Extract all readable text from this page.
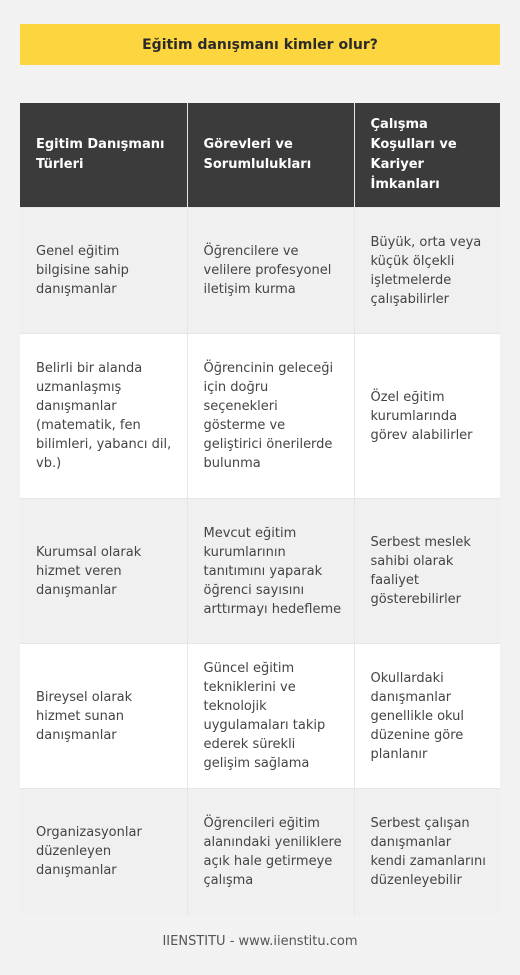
Eğitim danışmanı kimler olur?
Egitim Danışmanı Türleri	Görevleri ve Sorumlulukları	Çalışma Koşulları ve Kariyer İmkanları
Genel eğitim bilgisine sahip danışmanlar	Öğrencilere ve velilere profesyonel iletişim kurma	Büyük, orta veya küçük ölçekli işletmelerde çalışabilirler
Belirli bir alanda uzmanlaşmış danışmanlar (matematik, fen bilimleri, yabancı dil, vb.)	Öğrencinin geleceği için doğru seçenekleri gösterme ve geliştirici önerilerde bulunma	Özel eğitim kurumlarında görev alabilirler
Kurumsal olarak hizmet veren danışmanlar	Mevcut eğitim kurumlarının tanıtımını yaparak öğrenci sayısını arttırmayı hedefleme	Serbest meslek sahibi olarak faaliyet gösterebilirler
Bireysel olarak hizmet sunan danışmanlar	Güncel eğitim tekniklerini ve teknolojik uygulamaları takip ederek sürekli gelişim sağlama	Okullardaki danışmanlar genellikle okul düzenine göre planlanır
Organizasyonlar düzenleyen danışmanlar	Öğrencileri eğitim alanındaki yeniliklere açık hale getirmeye çalışma	Serbest çalışan danışmanlar kendi zamanlarını düzenleyebilir
IIENSTITU - www.iienstitu.com
